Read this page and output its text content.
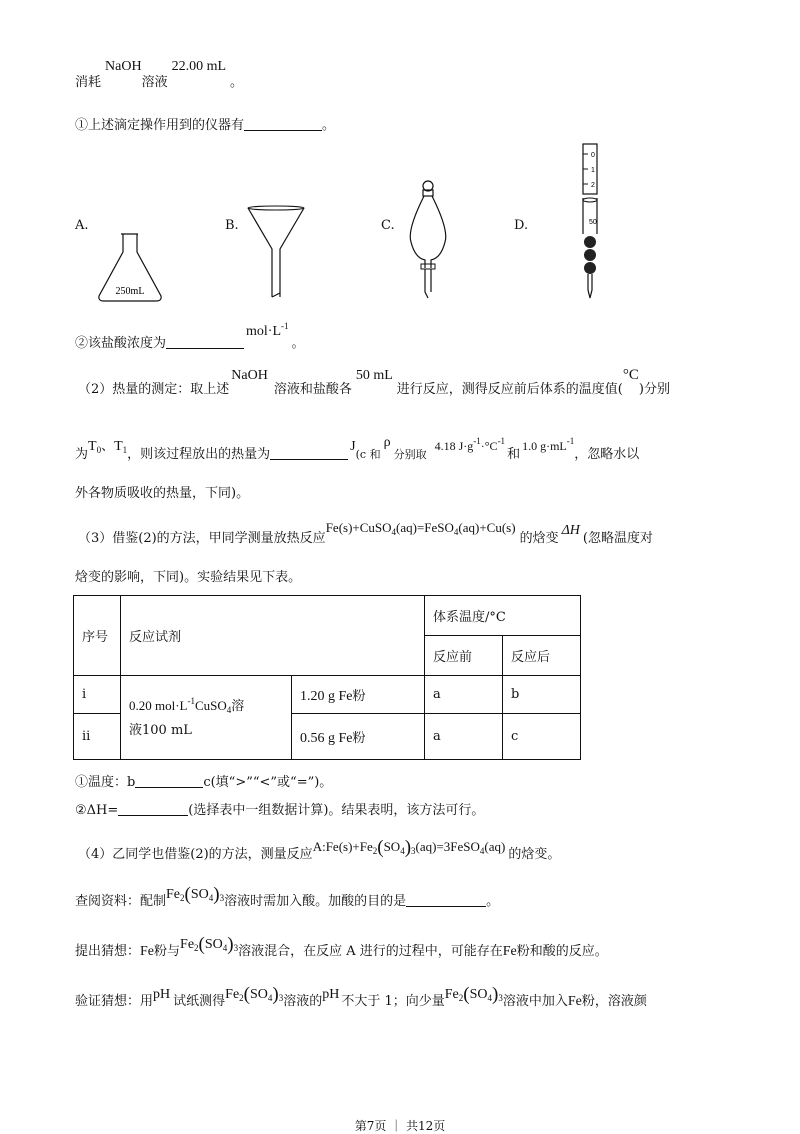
消耗NaOH溶液22.00 mL。
①上述滴定操作用到的仪器有	。
A.	B.	C.	D.
250mL
0
1
2
50
②该盐酸浓度为$mol\cdot L^{-1}$。
（2）热量的测定：取上述NaOH溶液和盐酸各50 mL进行反应，测得反应前后体系的温度值(°C)分别
为$T_0$、$T_1$，则该过程放出的热量为$J_{(c 和}\rho_{分别取}4.18$ $J\cdot g^{-1}\cdot^\circ C^{-1}$和1.0 $g\cdot mL^{-1}$，忽略水以
外各物质吸收的热量，下同)。
（3）借鉴(2)的方法，甲同学测量放热反应Fe(s)+CuSO$_4$(aq)=FeSO$_4$(aq)+Cu(s)的焓变ΔH(忽略温度对
焓变的影响，下同)。实验结果见下表。
序号	反应试剂		体系温度/°C	
			反应前	反应后
i	0.20 $mol\cdot L^{-1}CuSO_4$溶
液100 mL	1.20 g Fe粉	a	b
ii		0.56 g Fe粉	a	c
①温度：b	c(填“>”“<”或“=”)。
②ΔH=	(选择表中一组数据计算)。结果表明，该方法可行。
（4）乙同学也借鉴(2)的方法，测量反应$A:Fe(s)+Fe_2(SO_4)_3(aq)=3FeSO_4(aq)$的焓变。
查阅资料：配制$Fe_2(SO_4)_3$溶液时需加入酸。加酸的目的是	。
提出猜想：Fe粉与$Fe_2(SO_4)_3$溶液混合，在反应 A 进行的过程中，可能存在Fe粉和酸的反应。
验证猜想：用pH 试纸测得$Fe_2(SO_4)_3$溶液的pH 不大于 1；向少量$Fe_2(SO_4)_3$溶液中加入Fe粉，溶液颜
第7页 ｜ 共12页
